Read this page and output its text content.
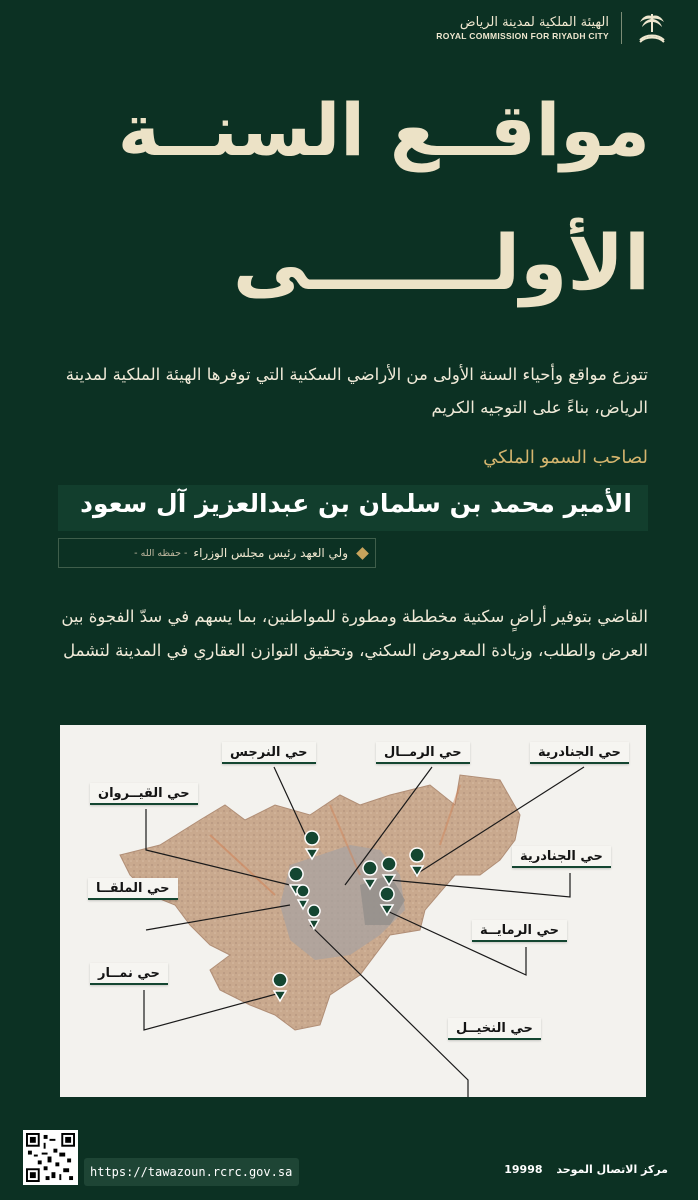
الهيئة الملكية لمدينة الرياض
ROYAL COMMISSION FOR RIYADH CITY
مواقــع السنــة
الأولـــــــى
تتوزع مواقع وأحياء السنة الأولى من الأراضي السكنية التي توفرها الهيئة الملكية لمدينة الرياض، بناءً على التوجيه الكريم
لصاحب السمو الملكي
الأمير محمد بن سلمان بن عبدالعزيز آل سعود
ولي العهد رئيس مجلس الوزراء
- حفظه الله -
القاضي بتوفير أراضٍ سكنية مخططة ومطورة للمواطنين، بما يسهم في سدّ الفجوة بين العرض والطلب، وزيادة المعروض السكني، وتحقيق التوازن العقاري في المدينة لتشمل
حي النرجس	حي الرمــال	حي الجنادرية
حي القيــروان
حي الجنادرية
حي الملقــا
حي الرمايــة
حي نمــار
حي النخيــل
https://tawazoun.rcrc.gov.sa	مركز الاتصال الموحد 19998
